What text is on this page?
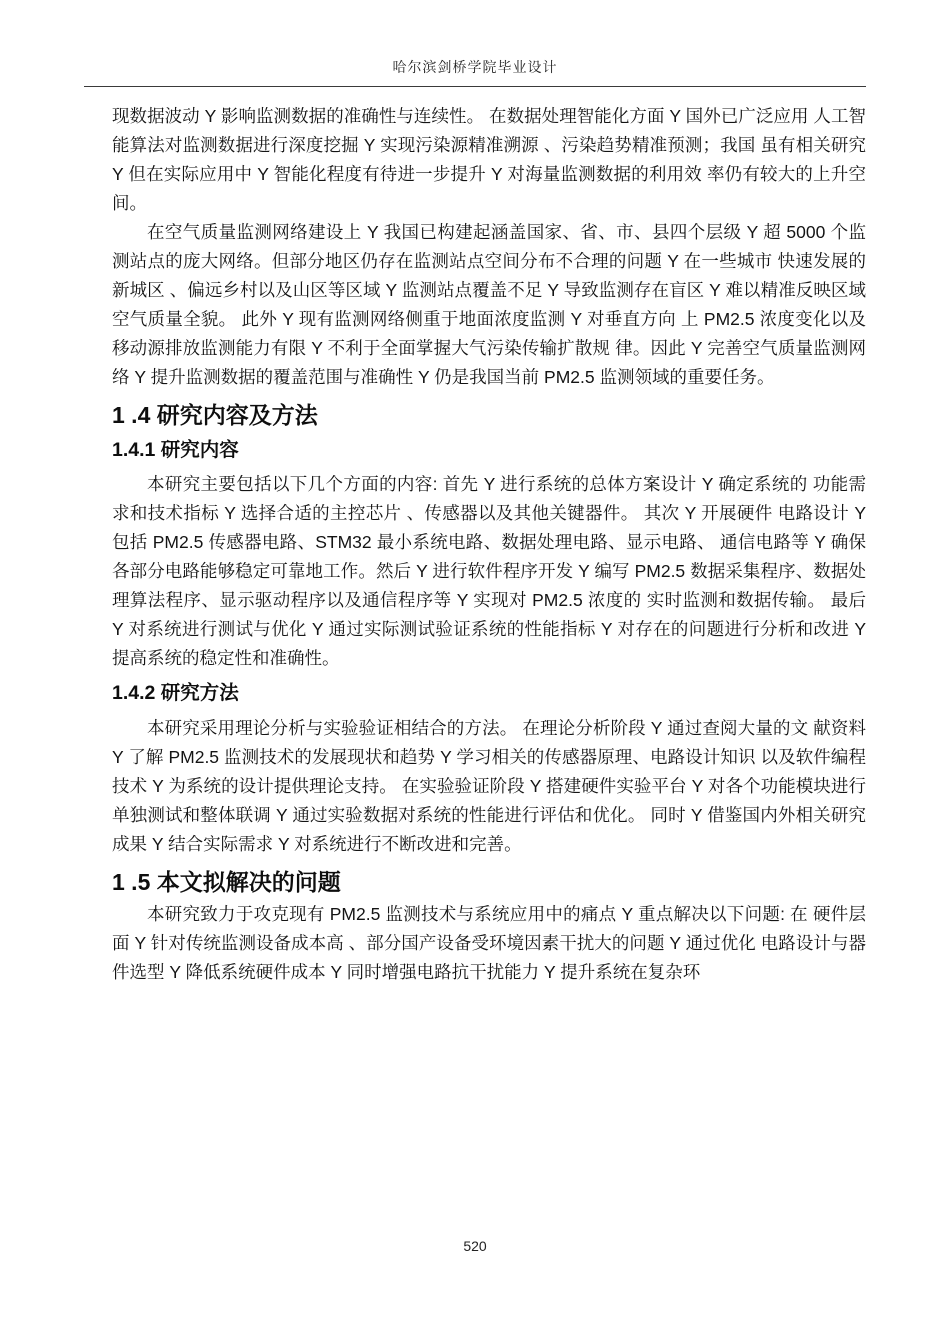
哈尔滨剑桥学院毕业设计

现数据波动 Y 影响监测数据的准确性与连续性。 在数据处理智能化方面 Y 国外已广泛应用 人工智能算法对监测数据进行深度挖掘 Y 实现污染源精准溯源 、污染趋势精准预测；我国 虽有相关研究 Y 但在实际应用中 Y 智能化程度有待进一步提升 Y 对海量监测数据的利用效 率仍有较大的上升空间。

在空气质量监测网络建设上 Y 我国已构建起涵盖国家、省、市、县四个层级 Y 超 5000 个监测站点的庞大网络。但部分地区仍存在监测站点空间分布不合理的问题 Y 在一些城市 快速发展的新城区 、偏远乡村以及山区等区域 Y 监测站点覆盖不足 Y 导致监测存在盲区 Y 难以精准反映区域空气质量全貌。 此外 Y 现有监测网络侧重于地面浓度监测 Y 对垂直方向 上 PM2.5 浓度变化以及移动源排放监测能力有限 Y 不利于全面掌握大气污染传输扩散规 律。因此 Y 完善空气质量监测网络 Y 提升监测数据的覆盖范围与准确性 Y 仍是我国当前 PM2.5 监测领域的重要任务。

1 .4 研究内容及方法
1.4.1 研究内容

本研究主要包括以下几个方面的内容: 首先 Y 进行系统的总体方案设计 Y 确定系统的 功能需求和技术指标 Y 选择合适的主控芯片 、传感器以及其他关键器件。 其次 Y 开展硬件 电路设计 Y 包括 PM2.5 传感器电路、STM32 最小系统电路、数据处理电路、显示电路、 通信电路等 Y 确保各部分电路能够稳定可靠地工作。然后 Y 进行软件程序开发 Y 编写 PM2.5 数据采集程序、数据处理算法程序、显示驱动程序以及通信程序等 Y 实现对 PM2.5 浓度的 实时监测和数据传输。 最后 Y 对系统进行测试与优化 Y 通过实际测试验证系统的性能指标 Y 对存在的问题进行分析和改进 Y 提高系统的稳定性和准确性。

1.4.2 研究方法

本研究采用理论分析与实验验证相结合的方法。 在理论分析阶段 Y 通过查阅大量的文 献资料 Y 了解 PM2.5 监测技术的发展现状和趋势 Y 学习相关的传感器原理、电路设计知识 以及软件编程技术 Y 为系统的设计提供理论支持。 在实验验证阶段 Y 搭建硬件实验平台 Y 对各个功能模块进行单独测试和整体联调 Y 通过实验数据对系统的性能进行评估和优化。 同时 Y 借鉴国内外相关研究成果 Y 结合实际需求 Y 对系统进行不断改进和完善。

1 .5 本文拟解决的问题

本研究致力于攻克现有 PM2.5 监测技术与系统应用中的痛点 Y 重点解决以下问题: 在 硬件层面 Y 针对传统监测设备成本高 、部分国产设备受环境因素干扰大的问题 Y 通过优化 电路设计与器件选型 Y 降低系统硬件成本 Y 同时增强电路抗干扰能力 Y 提升系统在复杂环

520
